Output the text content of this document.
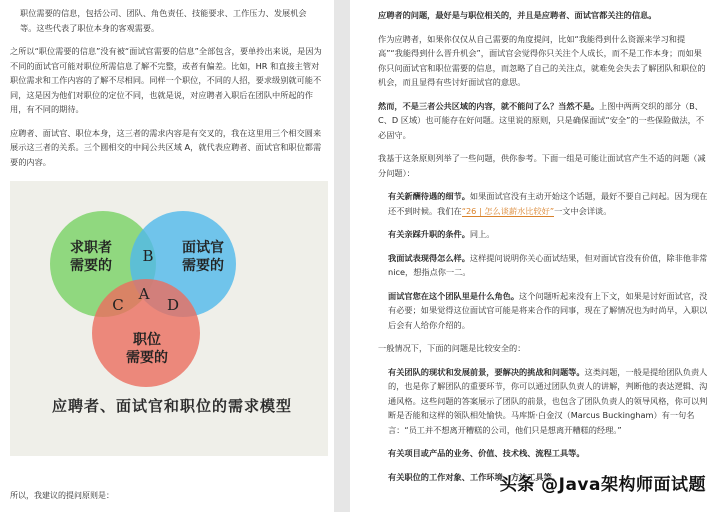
职位需要的信息，包括公司、团队、角色责任、技能要求、工作压力、发展机会等。这些代表了职位本身的客观需要。

之所以“职位需要的信息”没有被“面试官需要的信息”全部包含，要单拎出来说，是因为不同的面试官可能对职位所需信息了解不完整，或者有偏差。比如，HR 和直接主管对职位需求和工作内容的了解不尽相同。同样一个职位，不同的人招，要求级别就可能不同，这是因为他们对职位的定位不同，也就是说，对应聘者入职后在团队中所起的作用，有不同的期待。

应聘者、面试官、职位本身，这三者的需求内容是有交叉的，我在这里用三个相交圆来展示这三者的关系。三个圆相交的中间公共区域 A，就代表应聘者、面试官和职位都需要的内容。

求职者
需要的
面试官
需要的
职位
需要的
B
C
A
D
应聘者、面试官和职位的需求模型
所以，我建议的提问原则是：

应聘者的问题，最好是与职位相关的，并且是应聘者、面试官都关注的信息。

作为应聘者，如果你仅仅从自己需要的角度提问，比如“我能得到什么资源来学习和提高”“我能得到什么晋升机会”，面试官会觉得你只关注个人成长，而不是工作本身；而如果你只问面试官和职位需要的信息，而忽略了自己的关注点，就难免会失去了解团队和职位的机会，而且显得有些讨好面试官的意思。

然而，不是三者公共区域的内容，就不能问了么？当然不是。上图中两两交织的部分（B、C、D 区域）也可能存在好问题。这里说的原则，只是确保面试“安全”的一些保险做法，不必固守。

我基于这条原则列举了一些问题，供你参考。下面一组是可能让面试官产生不适的问题（减分问题）：

有关新酬待遇的细节。如果面试官没有主动开始这个话题，最好不要自己问起。因为现在还不到时候。我们在“26 | 怎么谈薪水比较好”一文中会详谈。

有关亲踩升职的条件。同上。

我面试表现得怎么样。这样提问说明你关心面试结果，但对面试官没有价值，除非他非常 nice，想指点你一二。

面试官您在这个团队里是什么角色。这个问题听起来没有上下文，如果是讨好面试官，没有必要；如果觉得这位面试官可能是将来合作的同事，现在了解情况也为时尚早，入职以后会有人给你介绍的。

一般情况下，下面的问题是比较安全的：

有关团队的现状和发展前景，要解决的挑战和问题等。这类问题，一般是提给团队负责人的，也是你了解团队的重要环节，你可以通过团队负责人的讲解，判断他的表达逻辑、沟通风格。这些问题的答案展示了团队的前景，也包含了团队负责人的领导风格，你可以判断是否能和这样的领队相处愉快。马库斯·白金汉（Marcus Buckingham）有一句名言：“员工并不想离开糟糕的公司，他们只是想离开糟糕的经理。”

有关项目或产品的业务、价值、技术栈、流程工具等。

有关职位的工作对象、工作环境、方法工具等。

头条 @Java架构师面试题
